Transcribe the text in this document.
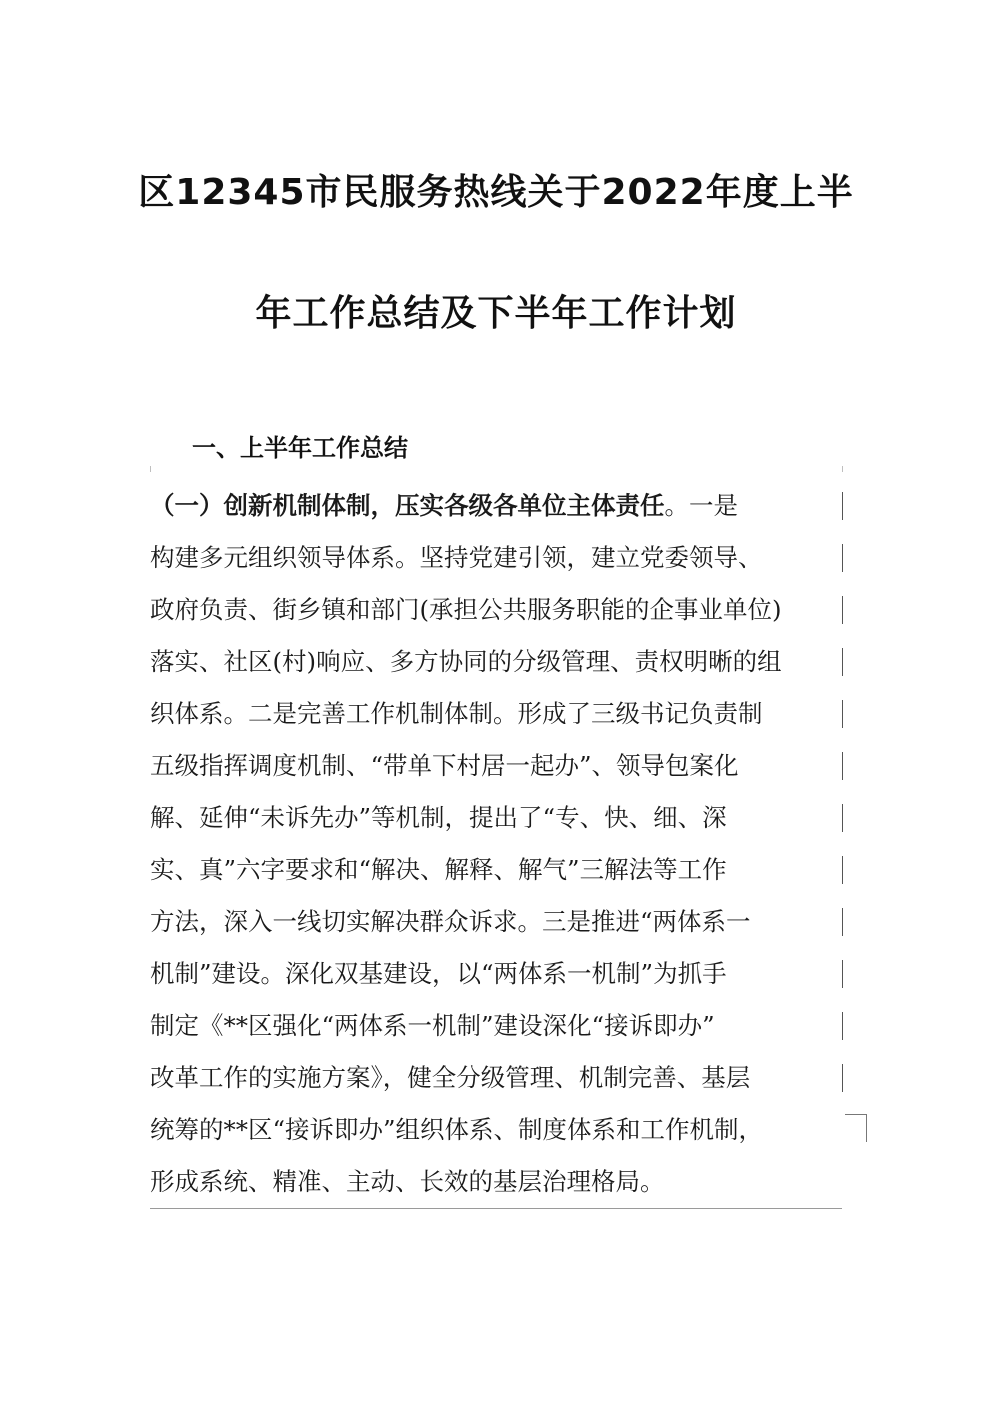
区12345市民服务热线关于2022年度上半
年工作总结及下半年工作计划
一、上半年工作总结
（一）创新机制体制，压实各级各单位主体责任。一是
构建多元组织领导体系。坚持党建引领，建立党委领导、
政府负责、街乡镇和部门(承担公共服务职能的企事业单位)
落实、社区(村)响应、多方协同的分级管理、责权明晰的组
织体系。二是完善工作机制体制。形成了三级书记负责制
五级指挥调度机制、“带单下村居一起办”、领导包案化
解、延伸“未诉先办”等机制，提出了“专、快、细、深
实、真”六字要求和“解决、解释、解气”三解法等工作
方法，深入一线切实解决群众诉求。三是推进“两体系一
机制”建设。深化双基建设，以“两体系一机制”为抓手
制定《**区强化“两体系一机制”建设深化“接诉即办”
改革工作的实施方案》，健全分级管理、机制完善、基层
统筹的**区“接诉即办”组织体系、制度体系和工作机制，
形成系统、精准、主动、长效的基层治理格局。
